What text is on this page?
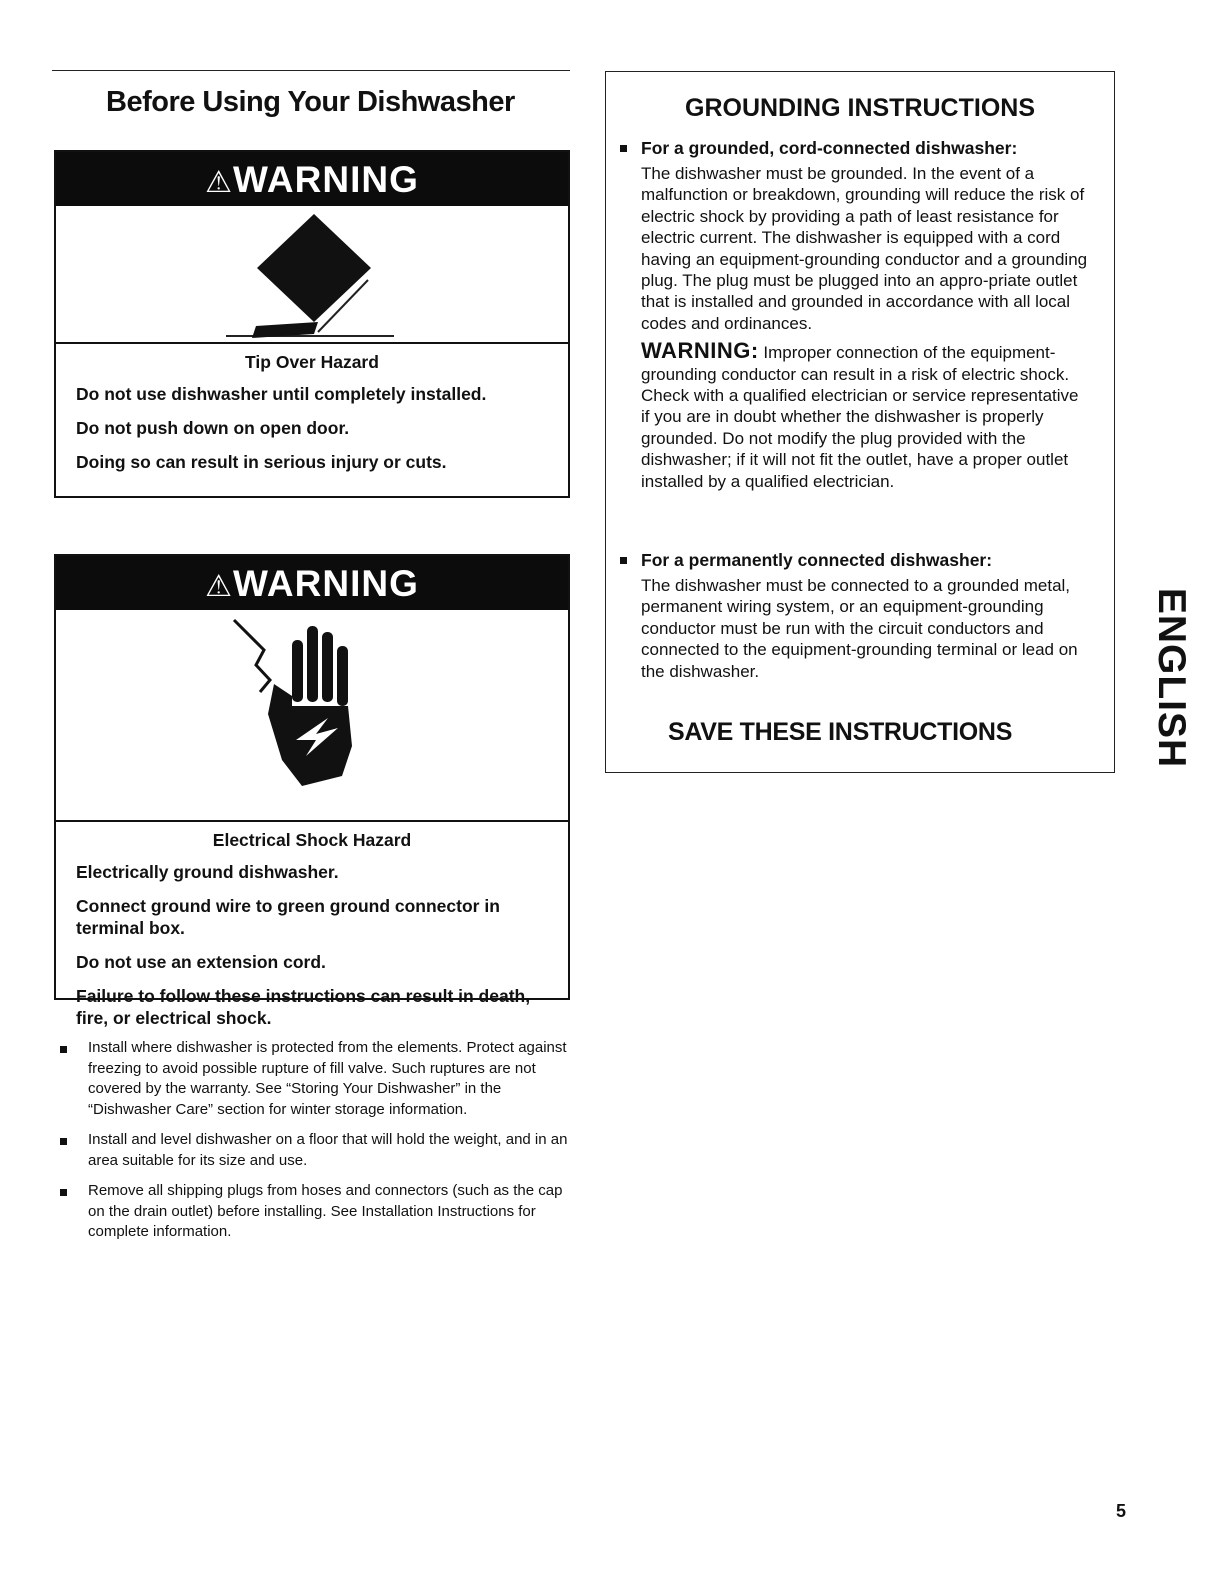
Before Using Your Dishwasher
⚠WARNING
Tip Over Hazard

Do not use dishwasher until completely installed.

Do not push down on open door.

Doing so can result in serious injury or cuts.

⚠WARNING
Electrical Shock Hazard

Electrically ground dishwasher.

Connect ground wire to green ground connector in terminal box.

Do not use an extension cord.

Failure to follow these instructions can result in death, fire, or electrical shock.

Install where dishwasher is protected from the elements. Protect against freezing to avoid possible rupture of fill valve. Such ruptures are not covered by the warranty. See “Storing Your Dishwasher” in the “Dishwasher Care” section for winter storage information.
Install and level dishwasher on a floor that will hold the weight, and in an area suitable for its size and use.
Remove all shipping plugs from hoses and connectors (such as the cap on the drain outlet) before installing. See Installation Instructions for complete information.
GROUNDING INSTRUCTIONS
For a grounded, cord-connected dishwasher:
The dishwasher must be grounded. In the event of a malfunction or breakdown, grounding will reduce the risk of electric shock by providing a path of least resistance for electric current. The dishwasher is equipped with a cord having an equipment-grounding conductor and a grounding plug. The plug must be plugged into an appro-priate outlet that is installed and grounded in accordance with all local codes and ordinances.
WARNING: Improper connection of the equipment-grounding conductor can result in a risk of electric shock. Check with a qualified electrician or service representative if you are in doubt whether the dishwasher is properly grounded. Do not modify the plug provided with the dishwasher; if it will not fit the outlet, have a proper outlet installed by a qualified electrician.
For a permanently connected dishwasher:
The dishwasher must be connected to a grounded metal, permanent wiring system, or an equipment-grounding conductor must be run with the circuit conductors and connected to the equipment-grounding terminal or lead on the dishwasher.
SAVE THESE INSTRUCTIONS	ENGLISH
5
